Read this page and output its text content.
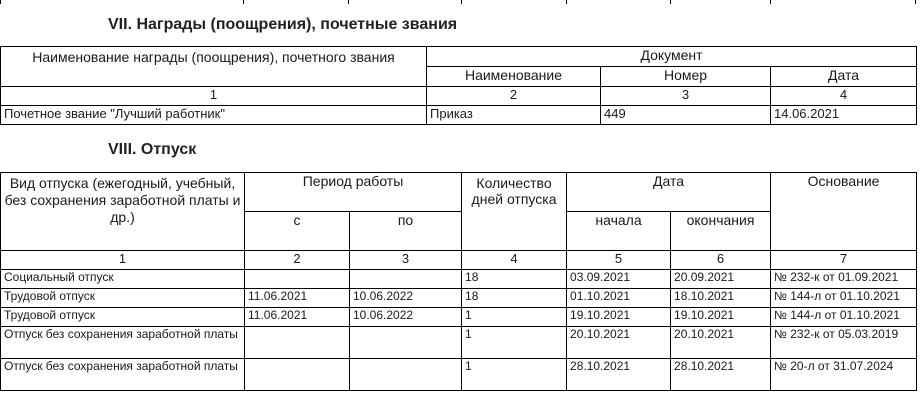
VII. Награды (поощрения), почетные звания
Наименование награды (поощрения), почетного звания	Документ		
	Наименование	Номер	Дата
1	2	3	4
Почетное звание "Лучший работник"	Приказ	449	14.06.2021
VIII. Отпуск
Вид отпуска (ежегодный, учебный, без сохранения заработной платы и др.)	Период работы		Количество дней отпуска	Дата		Основание
	с	по		начала	окончания	
1	2	3	4	5	6	7
Социальный отпуск			18	03.09.2021	20.09.2021	№ 232-к от 01.09.2021
Трудовой отпуск	11.06.2021	10.06.2022	18	01.10.2021	18.10.2021	№ 144-л от 01.10.2021
Трудовой отпуск	11.06.2021	10.06.2022	1	19.10.2021	19.10.2021	№ 144-л от 01.10.2021
Отпуск без сохранения заработной платы			1	20.10.2021	20.10.2021	№ 232-к от 05.03.2019
Отпуск без сохранения заработной платы			1	28.10.2021	28.10.2021	№ 20-л от 31.07.2024
